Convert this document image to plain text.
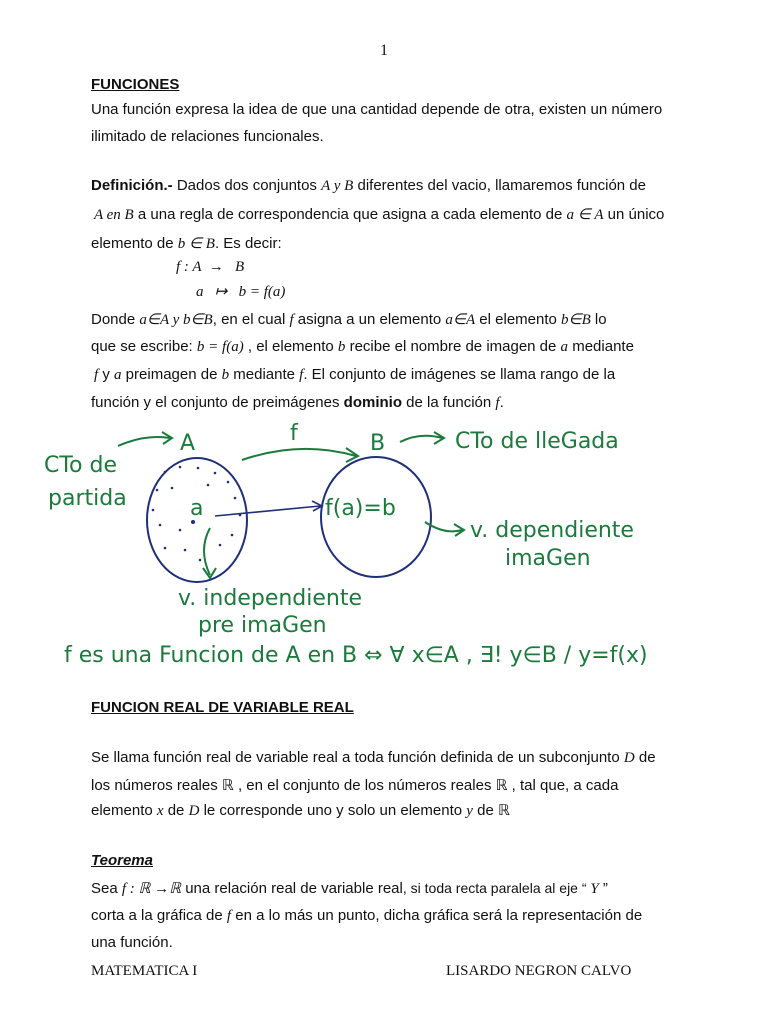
1
FUNCIONES
Una función expresa la idea de que una cantidad depende de otra, existen un número
ilimitado de relaciones funcionales.
Definición.- Dados dos conjuntos A y B diferentes del vacio, llamaremos función de
A en B a una regla de correspondencia que asigna a cada elemento de a ∈ A un único
elemento de b ∈ B. Es decir:
f : A  →   B
a   ↦   b = f(a)
Donde a∈A y b∈B, en el cual f asigna a un elemento a∈A el elemento b∈B lo
que se escribe: b = f(a) , el elemento b recibe el nombre de imagen de a mediante
f y a preimagen de b mediante f. El conjunto de imágenes se llama rango de la
función y el conjunto de preimágenes dominio de la función f.
A	f	B	CTo de lleGada
CTo de
partida	a	f(a)=b
v. dependiente
imaGen
v. independiente
pre imaGen
f es una Funcion de A en B ⇔ ∀ x∈A , ∃! y∈B / y=f(x)
FUNCION REAL DE VARIABLE REAL
Se llama función real de variable real a toda función definida de un subconjunto D de
los números reales ℝ , en el conjunto de los números reales ℝ , tal que, a cada
elemento x de D le corresponde uno y solo un elemento y de ℝ
Teorema
Sea f : ℝ →ℝ una relación real de variable real, si toda recta paralela al eje “ Y ”
corta a la gráfica de f en a lo más un punto, dicha gráfica será la representación de
una función.
MATEMATICA I	LISARDO NEGRON CALVO
